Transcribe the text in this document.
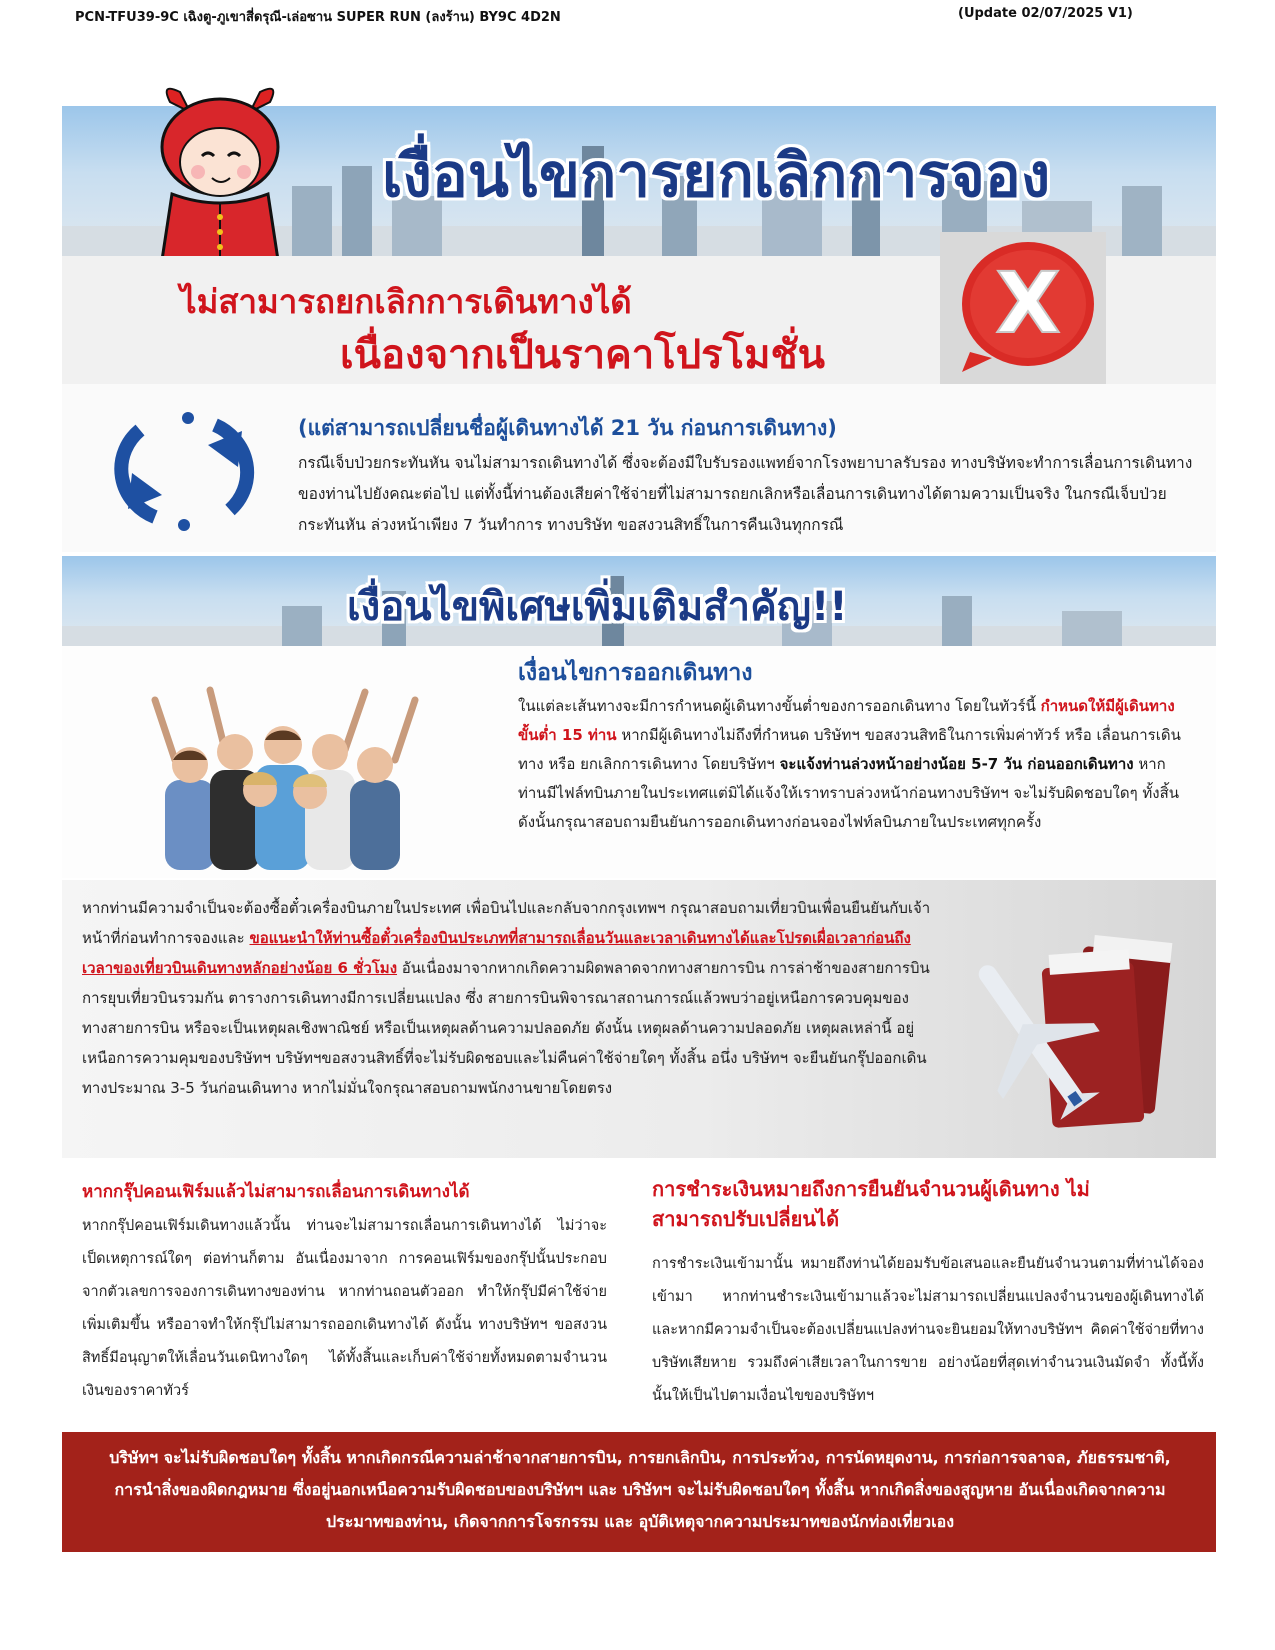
PCN-TFU39-9C เฉิงตู-ภูเขาสี่ดรุณี-เล่อซาน SUPER RUN (ลงร้าน) BY9C 4D2N	(Update 02/07/2025 V1)
เงื่อนไขการยกเลิกการจอง
ไม่สามารถยกเลิกการเดินทางได้
เนื่องจากเป็นราคาโปรโมชั่น
X
(แต่สามารถเปลี่ยนชื่อผู้เดินทางได้ 21 วัน ก่อนการเดินทาง)
กรณีเจ็บป่วยกระทันหัน จนไม่สามารถเดินทางได้ ซึ่งจะต้องมีใบรับรองแพทย์จากโรงพยาบาลรับรอง ทางบริษัทจะทำการเลื่อนการเดินทางของท่านไปยังคณะต่อไป แต่ทั้งนี้ท่านต้องเสียค่าใช้จ่ายที่ไม่สามารถยกเลิกหรือเลื่อนการเดินทางได้ตามความเป็นจริง ในกรณีเจ็บป่วยกระทันหัน ล่วงหน้าเพียง 7 วันทำการ ทางบริษัท ขอสงวนสิทธิ์ในการคืนเงินทุกกรณี
เงื่อนไขพิเศษเพิ่มเติมสำคัญ!!
เงื่อนไขการออกเดินทาง
ในแต่ละเส้นทางจะมีการกำหนดผู้เดินทางขั้นต่ำของการออกเดินทาง โดยในทัวร์นี้ กำหนดให้มีผู้เดินทางขั้นต่ำ 15 ท่าน หากมีผู้เดินทางไม่ถึงที่กำหนด บริษัทฯ ขอสงวนสิทธิในการเพิ่มค่าทัวร์ หรือ เลื่อนการเดินทาง หรือ ยกเลิกการเดินทาง โดยบริษัทฯ จะแจ้งท่านล่วงหน้าอย่างน้อย 5-7 วัน ก่อนออกเดินทาง หากท่านมีไฟล์ทบินภายในประเทศแต่มิได้แจ้งให้เราทราบล่วงหน้าก่อนทางบริษัทฯ จะไม่รับผิดชอบใดๆ ทั้งสิ้น ดังนั้นกรุณาสอบถามยืนยันการออกเดินทางก่อนจองไฟท์ลบินภายในประเทศทุกครั้ง
หากท่านมีความจำเป็นจะต้องซื้อตั๋วเครื่องบินภายในประเทศ เพื่อบินไปและกลับจากกรุงเทพฯ กรุณาสอบถามเที่ยวบินเพื่อนยืนยันกับเจ้าหน้าที่ก่อนทำการจองและ ขอแนะนำให้ท่านซื้อตั๋วเครื่องบินประเภทที่สามารถเลื่อนวันและเวลาเดินทางได้และโปรดเผื่อเวลาก่อนถึงเวลาของเที่ยวบินเดินทางหลักอย่างน้อย 6 ชั่วโมง อันเนื่องมาจากหากเกิดความผิดพลาดจากทางสายการบิน การล่าช้าของสายการบิน การยุบเที่ยวบินรวมกัน ตารางการเดินทางมีการเปลี่ยนแปลง ซึ่ง สายการบินพิจารณาสถานการณ์แล้วพบว่าอยู่เหนือการควบคุมของทางสายการบิน หรือจะเป็นเหตุผลเชิงพาณิชย์ หรือเป็นเหตุผลด้านความปลอดภัย ดังนั้น เหตุผลด้านความปลอดภัย เหตุผลเหล่านี้ อยู่เหนือการความคุมของบริษัทฯ บริษัทฯขอสงวนสิทธิ์ที่จะไม่รับผิดชอบและไม่คืนค่าใช้จ่ายใดๆ ทั้งสิ้น อนึ่ง บริษัทฯ จะยืนยันกรุ๊ปออกเดินทางประมาณ 3-5 วันก่อนเดินทาง หากไม่มั่นใจกรุณาสอบถามพนักงานขายโดยตรง
หากกรุ๊ปคอนเฟิร์มแล้วไม่สามารถเลื่อนการเดินทางได้
หากกรุ๊ปคอนเฟิร์มเดินทางแล้วนั้น ท่านจะไม่สามารถเลื่อนการเดินทางได้ ไม่ว่าจะเป็ดเหตุการณ์ใดๆ ต่อท่านก็ตาม อันเนื่องมาจาก การคอนเฟิร์มของกรุ๊ปนั้นประกอบจากตัวเลขการจองการเดินทางของท่าน หากท่านถอนตัวออก ทำให้กรุ๊ปมีค่าใช้จ่ายเพิ่มเติมขึ้น หรืออาจทำให้กรุ๊ปไม่สามารถออกเดินทางได้ ดังนั้น ทางบริษัทฯ ขอสงวนสิทธิ์มีอนุญาตให้เลื่อนวันเดนิทางใดๆ ได้ทั้งสิ้นและเก็บค่าใช้จ่ายทั้งหมดตามจำนวนเงินของราคาทัวร์
การชำระเงินหมายถึงการยืนยันจำนวนผู้เดินทาง ไม่สามารถปรับเปลี่ยนได้
การชำระเงินเข้ามานั้น หมายถึงท่านได้ยอมรับข้อเสนอและยืนยันจำนวนตามที่ท่านได้จองเข้ามา หากท่านชำระเงินเข้ามาแล้วจะไม่สามารถเปลี่ยนแปลงจำนวนของผู้เดินทางได้และหากมีความจำเป็นจะต้องเปลี่ยนแปลงท่านจะยินยอมให้ทางบริษัทฯ คิดค่าใช้จ่ายที่ทางบริษัทเสียหาย รวมถึงค่าเสียเวลาในการขาย อย่างน้อยที่สุดเท่าจำนวนเงินมัดจำ ทั้งนี้ทั้งนั้นให้เป็นไปตามเงื่อนไขของบริษัทฯ
บริษัทฯ จะไม่รับผิดชอบใดๆ ทั้งสิ้น หากเกิดกรณีความล่าช้าจากสายการบิน, การยกเลิกบิน, การประท้วง, การนัดหยุดงาน, การก่อการจลาจล, ภัยธรรมชาติ, การนำสิ่งของผิดกฎหมาย ซึ่งอยู่นอกเหนือความรับผิดชอบของบริษัทฯ และ บริษัทฯ จะไม่รับผิดชอบใดๆ ทั้งสิ้น หากเกิดสิ่งของสูญหาย อันเนื่องเกิดจากความประมาทของท่าน, เกิดจากการโจรกรรม และ อุบัติเหตุจากความประมาทของนักท่องเที่ยวเอง
